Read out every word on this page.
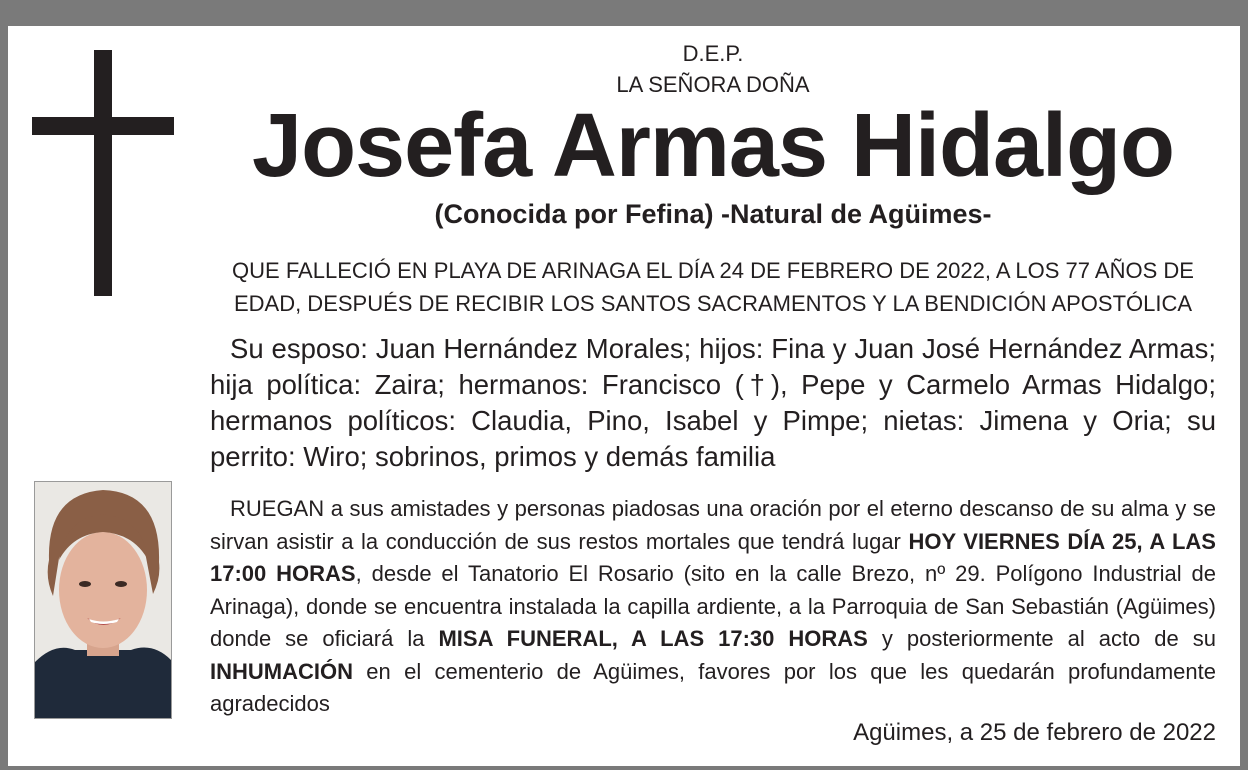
D.E.P.
LA SEÑORA DOÑA
Josefa Armas Hidalgo
(Conocida por Fefina) -Natural de Agüimes-
QUE FALLECIÓ EN PLAYA DE ARINAGA EL DÍA 24 DE FEBRERO DE 2022, A LOS 77 AÑOS DE
EDAD, DESPUÉS DE RECIBIR LOS SANTOS SACRAMENTOS Y LA BENDICIÓN APOSTÓLICA

Su esposo: Juan Hernández Morales; hijos: Fina y Juan José Hernández Armas; hija política: Zaira; hermanos: Francisco (†), Pepe y Carmelo Armas Hidalgo; hermanos políticos: Claudia, Pino, Isabel y Pimpe; nietas: Jimena y Oria; su perrito: Wiro; sobrinos, primos y demás familia

RUEGAN a sus amistades y personas piadosas una oración por el eterno descanso de su alma y se sirvan asistir a la conducción de sus restos mortales que tendrá lugar HOY VIERNES DÍA 25, A LAS 17:00 HORAS, desde el Tanatorio El Rosario (sito en la calle Brezo, nº 29. Polígono Industrial de Arinaga), donde se encuentra instalada la capilla ardiente, a la Parroquia de San Sebastián (Agüimes) donde se oficiará la MISA FUNERAL, A LAS 17:30 HORAS y posteriormente al acto de su INHUMACIÓN en el cementerio de Agüimes, favores por los que les quedarán profundamente agradecidos

Agüimes, a 25 de febrero de 2022
